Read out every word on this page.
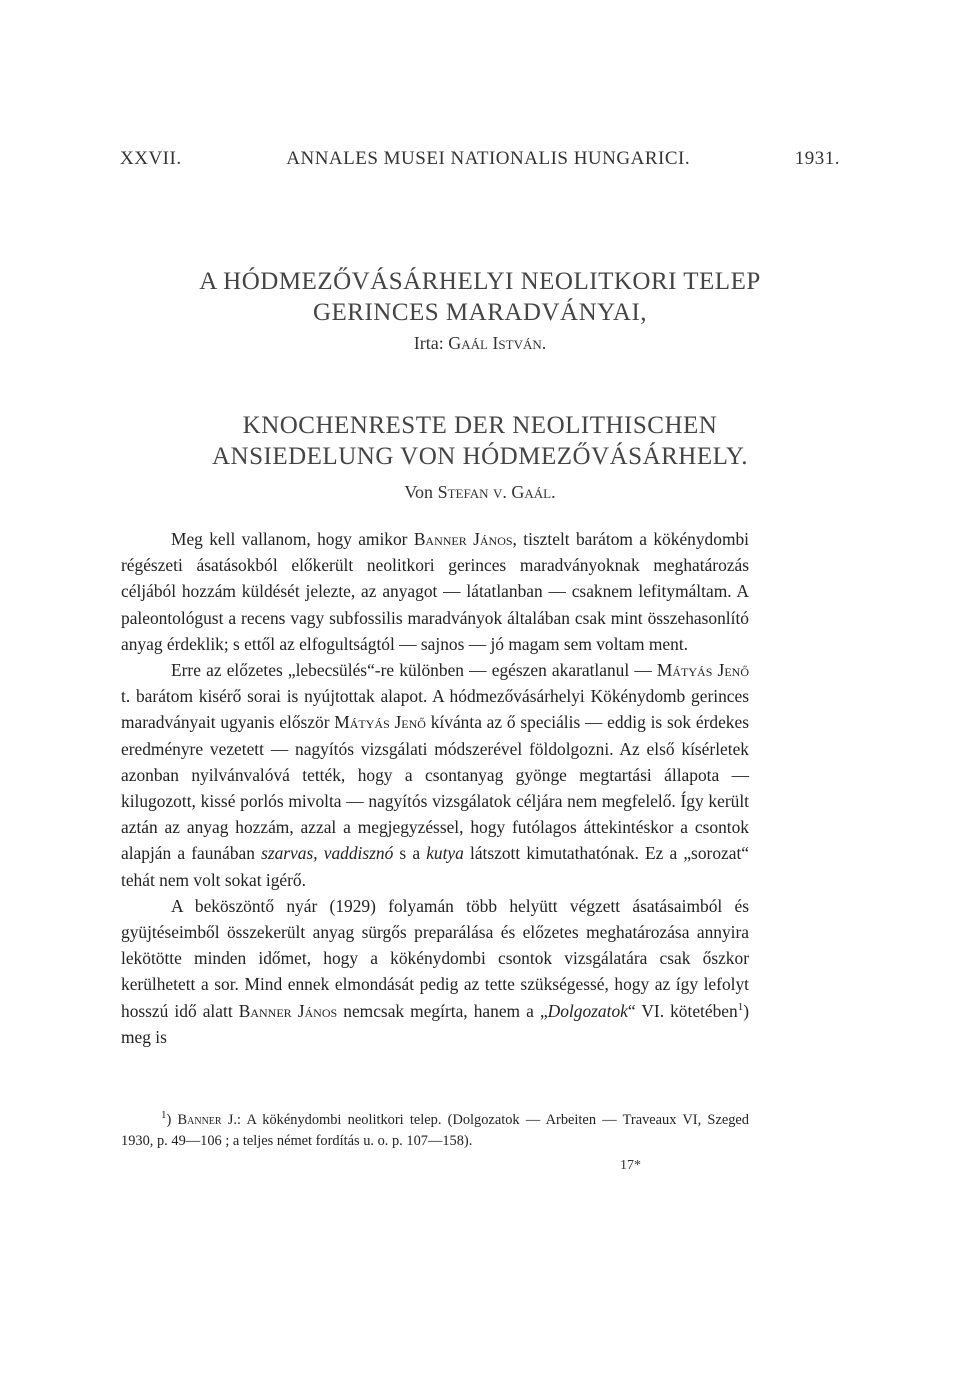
XXVII.	ANNALES MUSEI NATIONALIS HUNGARICI.	1931.
A HÓDMEZŐVÁSÁRHELYI NEOLITKORI TELEP
GERINCES MARADVÁNYAI,
Irta: Gaál István.
KNOCHENRESTE DER NEOLITHISCHEN
ANSIEDELUNG VON HÓDMEZŐVÁSÁRHELY.
Von Stefan v. Gaál.

Meg kell vallanom, hogy amikor Banner János, tisztelt barátom a kökénydombi régészeti ásatásokból előkerült neolitkori gerinces maradványoknak meghatározás céljából hozzám küldését jelezte, az anyagot — látatlanban — csaknem lefitymáltam. A paleontológust a recens vagy subfossilis maradványok általában csak mint összehasonlító anyag érdeklik; s ettől az elfogultságtól — sajnos — jó magam sem voltam ment.

Erre az előzetes „lebecsülés“-re különben — egészen akaratlanul — Mátyás Jenő t. barátom kisérő sorai is nyújtottak alapot. A hódmezővásárhelyi Kökénydomb gerinces maradványait ugyanis először Mátyás Jenő kívánta az ő speciális — eddig is sok érdekes eredményre vezetett — nagyítós vizsgálati módszerével földolgozni. Az első kísérletek azonban nyilvánvalóvá tették, hogy a csontanyag gyönge megtartási állapota — kilugozott, kissé porlós mivolta — nagyítós vizsgálatok céljára nem megfelelő. Így került aztán az anyag hozzám, azzal a megjegyzéssel, hogy futólagos áttekintéskor a csontok alapján a faunában szarvas, vaddisznó s a kutya látszott kimutathatónak. Ez a „sorozat“ tehát nem volt sokat igérő.

A beköszöntő nyár (1929) folyamán több helyütt végzett ásatásaimból és gyüjtéseimből összekerült anyag sürgős preparálása és előzetes meghatározása annyira lekötötte minden időmet, hogy a kökénydombi csontok vizsgálatára csak őszkor kerülhetett a sor. Mind ennek elmondását pedig az tette szükségessé, hogy az így lefolyt hosszú idő alatt Banner János nemcsak megírta, hanem a „Dolgozatok“ VI. kötetében$^1$) meg is

$^1$) Banner J.: A kökénydombi neolitkori telep. (Dolgozatok — Arbeiten — Traveaux VI, Szeged 1930, p. 49—106 ; a teljes német fordítás u. o. p. 107—158).

17*
